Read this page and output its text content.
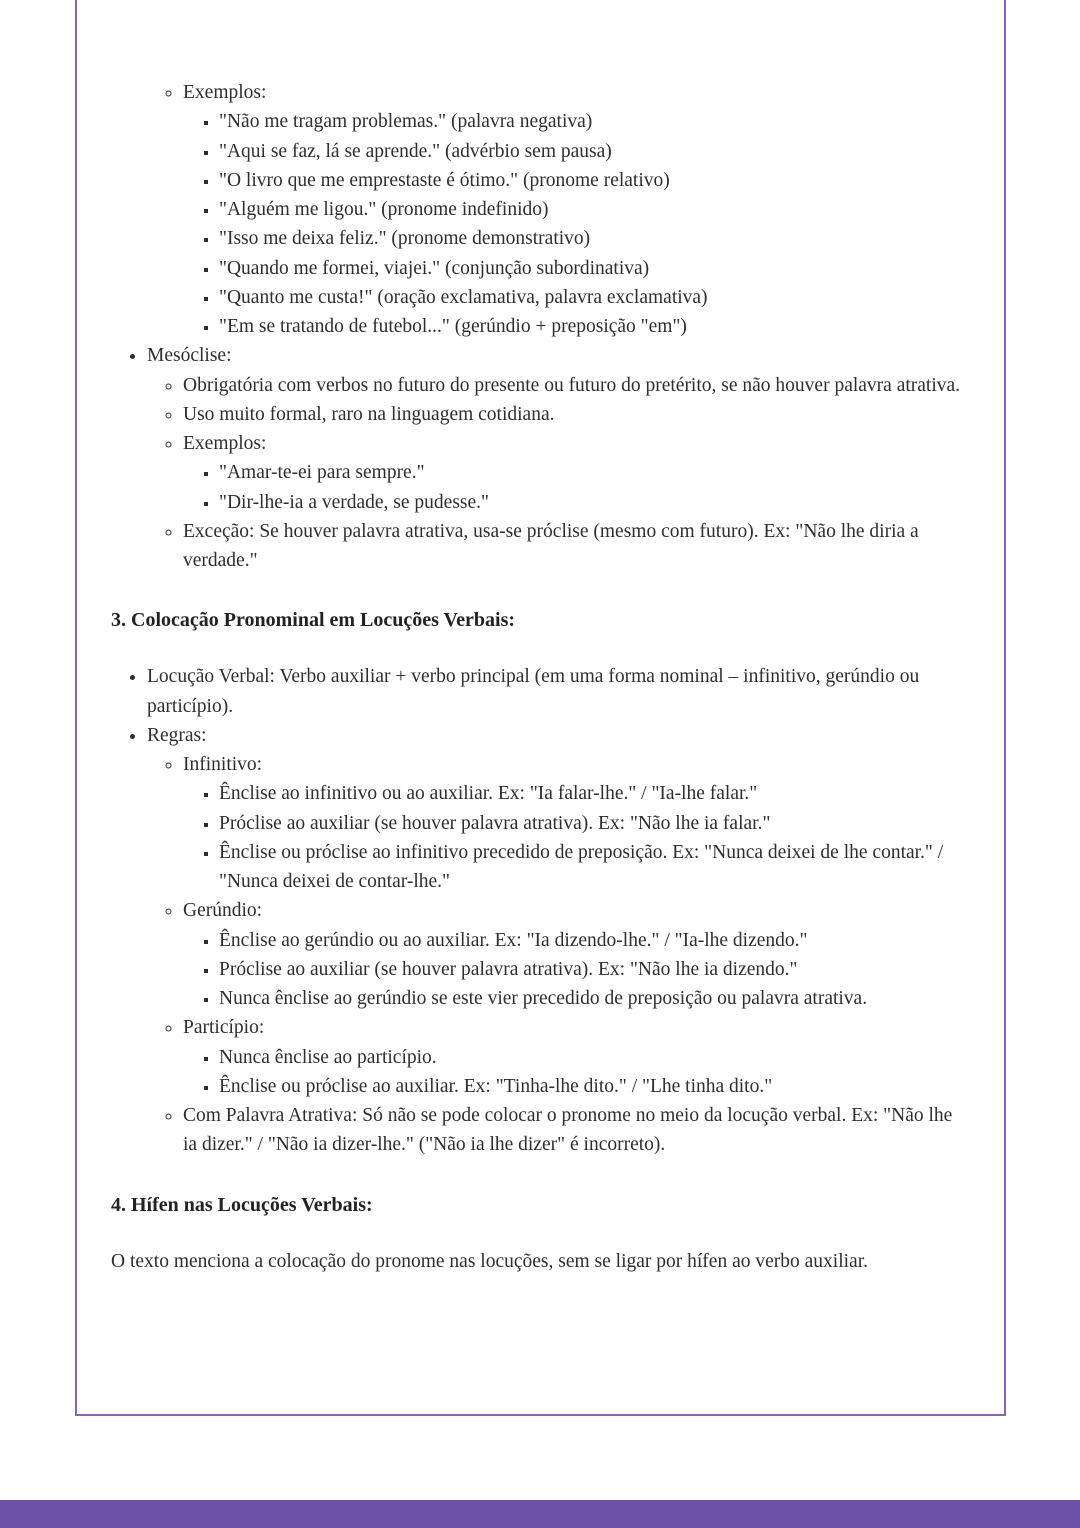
◦ Exemplos:
▪ "Não me tragam problemas." (palavra negativa)
▪ "Aqui se faz, lá se aprende." (advérbio sem pausa)
▪ "O livro que me emprestaste é ótimo." (pronome relativo)
▪ "Alguém me ligou." (pronome indefinido)
▪ "Isso me deixa feliz." (pronome demonstrativo)
▪ "Quando me formei, viajei." (conjunção subordinativa)
▪ "Quanto me custa!" (oração exclamativa, palavra exclamativa)
▪ "Em se tratando de futebol..." (gerúndio + preposição "em")
• Mesóclise:
◦ Obrigatória com verbos no futuro do presente ou futuro do pretérito, se não houver palavra atrativa.
◦ Uso muito formal, raro na linguagem cotidiana.
◦ Exemplos:
▪ "Amar-te-ei para sempre."
▪ "Dir-lhe-ia a verdade, se pudesse."
◦ Exceção: Se houver palavra atrativa, usa-se próclise (mesmo com futuro). Ex: "Não lhe diria a verdade."
3. Colocação Pronominal em Locuções Verbais:
• Locução Verbal: Verbo auxiliar + verbo principal (em uma forma nominal – infinitivo, gerúndio ou particípio).
• Regras:
◦ Infinitivo:
▪ Ênclise ao infinitivo ou ao auxiliar. Ex: "Ia falar-lhe." / "Ia-lhe falar."
▪ Próclise ao auxiliar (se houver palavra atrativa). Ex: "Não lhe ia falar."
▪ Ênclise ou próclise ao infinitivo precedido de preposição. Ex: "Nunca deixei de lhe contar." / "Nunca deixei de contar-lhe."
◦ Gerúndio:
▪ Ênclise ao gerúndio ou ao auxiliar. Ex: "Ia dizendo-lhe." / "Ia-lhe dizendo."
▪ Próclise ao auxiliar (se houver palavra atrativa). Ex: "Não lhe ia dizendo."
▪ Nunca ênclise ao gerúndio se este vier precedido de preposição ou palavra atrativa.
◦ Particípio:
▪ Nunca ênclise ao particípio.
▪ Ênclise ou próclise ao auxiliar. Ex: "Tinha-lhe dito." / "Lhe tinha dito."
◦ Com Palavra Atrativa: Só não se pode colocar o pronome no meio da locução verbal. Ex: "Não lhe ia dizer." / "Não ia dizer-lhe." ("Não ia lhe dizer" é incorreto).
4. Hífen nas Locuções Verbais:

O texto menciona a colocação do pronome nas locuções, sem se ligar por hífen ao verbo auxiliar.
